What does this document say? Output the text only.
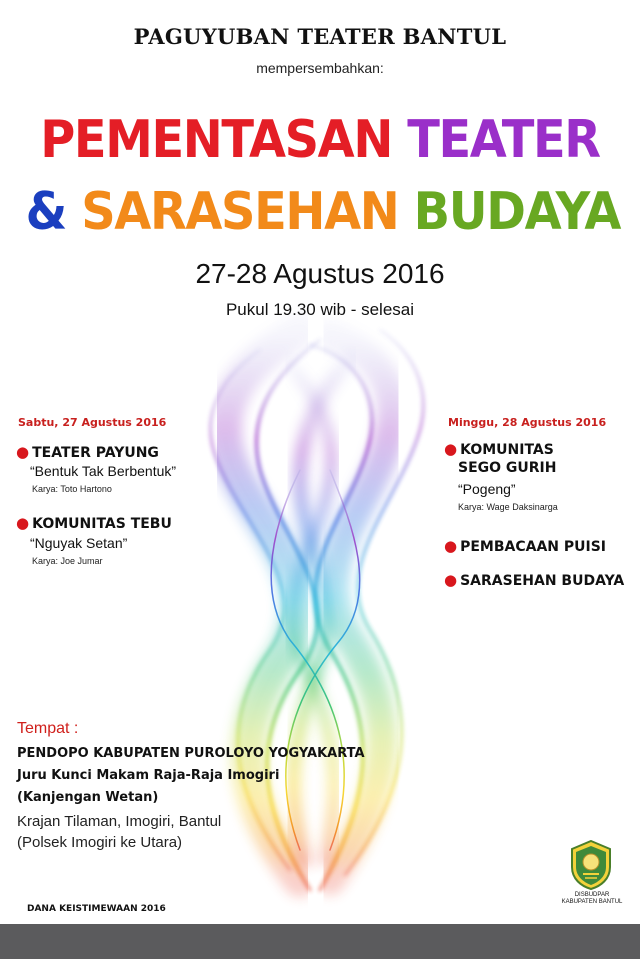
PAGUYUBAN TEATER BANTUL
mempersembahkan:
PEMENTASAN TEATER
& SARASEHAN BUDAYA
27-28 Agustus 2016
Pukul 19.30 wib - selesai
Sabtu, 27 Agustus 2016
● TEATER PAYUNG
“Bentuk Tak Berbentuk”
Karya: Toto Hartono
● KOMUNITAS TEBU
“Nguyak Setan”
Karya: Joe Jumar
Minggu, 28 Agustus 2016
● KOMUNITAS
SEGO GURIH
“Pogeng”
Karya: Wage Daksinarga
● PEMBACAAN PUISI
● SARASEHAN BUDAYA
Tempat :
PENDOPO KABUPATEN PUROLOYO YOGYAKARTA
Juru Kunci Makam Raja-Raja Imogiri
(Kanjengan Wetan)
Krajan Tilaman, Imogiri, Bantul
(Polsek Imogiri ke Utara)
DANA KEISTIMEWAAN 2016
DISBUDPAR
KABUPATEN BANTUL
